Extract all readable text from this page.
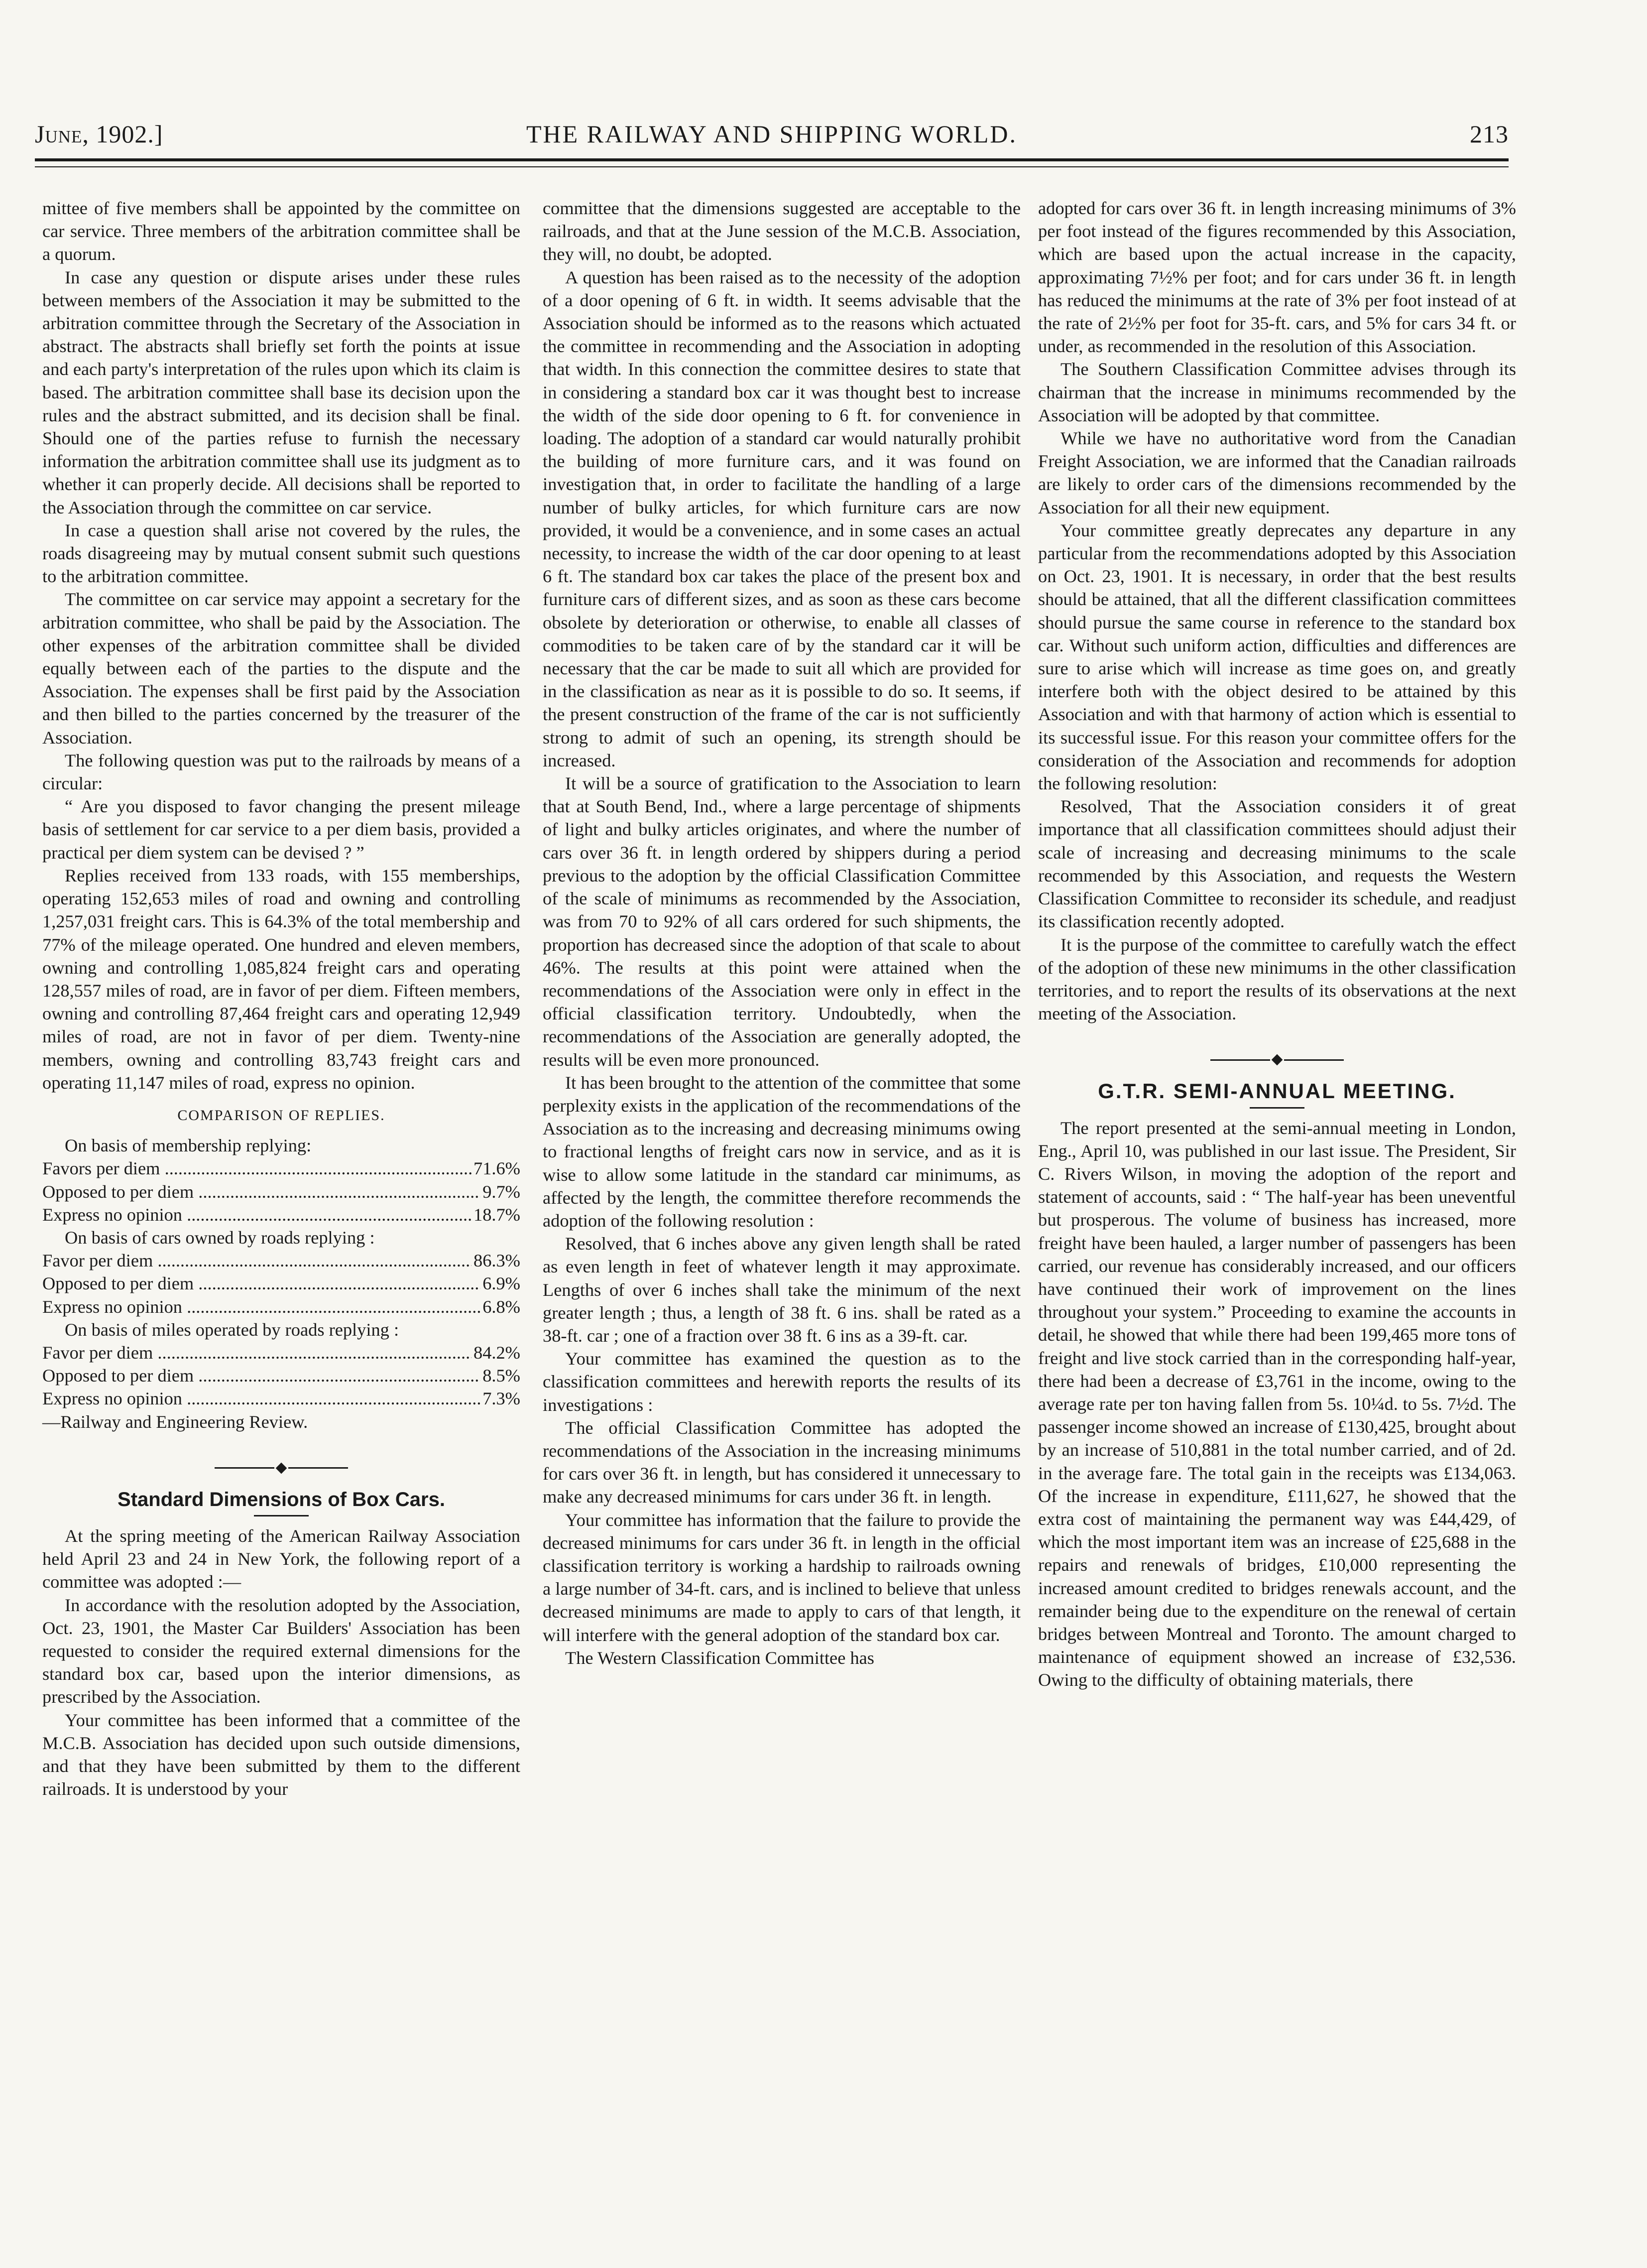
June, 1902.]	THE RAILWAY AND SHIPPING WORLD.	213

mittee of five members shall be appointed by the committee on car service. Three members of the arbitration committee shall be a quorum.

In case any question or dispute arises under these rules between members of the Association it may be submitted to the arbitration committee through the Secretary of the Association in abstract. The abstracts shall briefly set forth the points at issue and each party's interpretation of the rules upon which its claim is based. The arbitration committee shall base its decision upon the rules and the abstract submitted, and its decision shall be final. Should one of the parties refuse to furnish the necessary information the arbitration committee shall use its judgment as to whether it can properly decide. All decisions shall be reported to the Association through the committee on car service.

In case a question shall arise not covered by the rules, the roads disagreeing may by mutual consent submit such questions to the arbitration committee.

The committee on car service may appoint a secretary for the arbitration committee, who shall be paid by the Association. The other expenses of the arbitration committee shall be divided equally between each of the parties to the dispute and the Association. The expenses shall be first paid by the Association and then billed to the parties concerned by the treasurer of the Association.

The following question was put to the railroads by means of a circular:

“ Are you disposed to favor changing the present mileage basis of settlement for car service to a per diem basis, provided a practical per diem system can be devised ? ”

Replies received from 133 roads, with 155 memberships, operating 152,653 miles of road and owning and controlling 1,257,031 freight cars. This is 64.3% of the total membership and 77% of the mileage operated. One hundred and eleven members, owning and controlling 1,085,824 freight cars and operating 128,557 miles of road, are in favor of per diem. Fifteen members, owning and controlling 87,464 freight cars and operating 12,949 miles of road, are not in favor of per diem. Twenty-nine members, owning and controlling 83,743 freight cars and operating 11,147 miles of road, express no opinion.

COMPARISON OF REPLIES.
On basis of membership replying:
Favors per diem .....	71.6%
Opposed to per diem .....	9.7%
Express no opinion .....	18.7%
On basis of cars owned by roads replying :
Favor per diem .....	86.3%
Opposed to per diem .....	6.9%
Express no opinion .....	6.8%
On basis of miles operated by roads replying :
Favor per diem .....	84.2%
Opposed to per diem .....	8.5%
Express no opinion .....	7.3%
—Railway and Engineering Review.
Standard Dimensions of Box Cars.

At the spring meeting of the American Railway Association held April 23 and 24 in New York, the following report of a committee was adopted :—

In accordance with the resolution adopted by the Association, Oct. 23, 1901, the Master Car Builders' Association has been requested to consider the required external dimensions for the standard box car, based upon the interior dimensions, as prescribed by the Association.

Your committee has been informed that a committee of the M.C.B. Association has decided upon such outside dimensions, and that they have been submitted by them to the different railroads. It is understood by your

committee that the dimensions suggested are acceptable to the railroads, and that at the June session of the M.C.B. Association, they will, no doubt, be adopted.

A question has been raised as to the necessity of the adoption of a door opening of 6 ft. in width. It seems advisable that the Association should be informed as to the reasons which actuated the committee in recommending and the Association in adopting that width. In this connection the committee desires to state that in considering a standard box car it was thought best to increase the width of the side door opening to 6 ft. for convenience in loading. The adoption of a standard car would naturally prohibit the building of more furniture cars, and it was found on investigation that, in order to facilitate the handling of a large number of bulky articles, for which furniture cars are now provided, it would be a convenience, and in some cases an actual necessity, to increase the width of the car door opening to at least 6 ft. The standard box car takes the place of the present box and furniture cars of different sizes, and as soon as these cars become obsolete by deterioration or otherwise, to enable all classes of commodities to be taken care of by the standard car it will be necessary that the car be made to suit all which are provided for in the classification as near as it is possible to do so. It seems, if the present construction of the frame of the car is not sufficiently strong to admit of such an opening, its strength should be increased.

It will be a source of gratification to the Association to learn that at South Bend, Ind., where a large percentage of shipments of light and bulky articles originates, and where the number of cars over 36 ft. in length ordered by shippers during a period previous to the adoption by the official Classification Committee of the scale of minimums as recommended by the Association, was from 70 to 92% of all cars ordered for such shipments, the proportion has decreased since the adoption of that scale to about 46%. The results at this point were attained when the recommendations of the Association were only in effect in the official classification territory. Undoubtedly, when the recommendations of the Association are generally adopted, the results will be even more pronounced.

It has been brought to the attention of the committee that some perplexity exists in the application of the recommendations of the Association as to the increasing and decreasing minimums owing to fractional lengths of freight cars now in service, and as it is wise to allow some latitude in the standard car minimums, as affected by the length, the committee therefore recommends the adoption of the following resolution :

Resolved, that 6 inches above any given length shall be rated as even length in feet of whatever length it may approximate. Lengths of over 6 inches shall take the minimum of the next greater length ; thus, a length of 38 ft. 6 ins. shall be rated as a 38-ft. car ; one of a fraction over 38 ft. 6 ins as a 39-ft. car.

Your committee has examined the question as to the classification committees and herewith reports the results of its investigations :

The official Classification Committee has adopted the recommendations of the Association in the increasing minimums for cars over 36 ft. in length, but has considered it unnecessary to make any decreased minimums for cars under 36 ft. in length.

Your committee has information that the failure to provide the decreased minimums for cars under 36 ft. in length in the official classification territory is working a hardship to railroads owning a large number of 34-ft. cars, and is inclined to believe that unless decreased minimums are made to apply to cars of that length, it will interfere with the general adoption of the standard box car.

The Western Classification Committee has

adopted for cars over 36 ft. in length increasing minimums of 3% per foot instead of the figures recommended by this Association, which are based upon the actual increase in the capacity, approximating 7½% per foot; and for cars under 36 ft. in length has reduced the minimums at the rate of 3% per foot instead of at the rate of 2½% per foot for 35-ft. cars, and 5% for cars 34 ft. or under, as recommended in the resolution of this Association.

The Southern Classification Committee advises through its chairman that the increase in minimums recommended by the Association will be adopted by that committee.

While we have no authoritative word from the Canadian Freight Association, we are informed that the Canadian railroads are likely to order cars of the dimensions recommended by the Association for all their new equipment.

Your committee greatly deprecates any departure in any particular from the recommendations adopted by this Association on Oct. 23, 1901. It is necessary, in order that the best results should be attained, that all the different classification committees should pursue the same course in reference to the standard box car. Without such uniform action, difficulties and differences are sure to arise which will increase as time goes on, and greatly interfere both with the object desired to be attained by this Association and with that harmony of action which is essential to its successful issue. For this reason your committee offers for the consideration of the Association and recommends for adoption the following resolution:

Resolved, That the Association considers it of great importance that all classification committees should adjust their scale of increasing and decreasing minimums to the scale recommended by this Association, and requests the Western Classification Committee to reconsider its schedule, and readjust its classification recently adopted.

It is the purpose of the committee to carefully watch the effect of the adoption of these new minimums in the other classification territories, and to report the results of its observations at the next meeting of the Association.

G.T.R. SEMI-ANNUAL MEETING.

The report presented at the semi-annual meeting in London, Eng., April 10, was published in our last issue. The President, Sir C. Rivers Wilson, in moving the adoption of the report and statement of accounts, said : “ The half-year has been uneventful but prosperous. The volume of business has increased, more freight have been hauled, a larger number of passengers has been carried, our revenue has considerably increased, and our officers have continued their work of improvement on the lines throughout your system.” Proceeding to examine the accounts in detail, he showed that while there had been 199,465 more tons of freight and live stock carried than in the corresponding half-year, there had been a decrease of £3,761 in the income, owing to the average rate per ton having fallen from 5s. 10¼d. to 5s. 7½d. The passenger income showed an increase of £130,425, brought about by an increase of 510,881 in the total number carried, and of 2d. in the average fare. The total gain in the receipts was £134,063. Of the increase in expenditure, £111,627, he showed that the extra cost of maintaining the permanent way was £44,429, of which the most important item was an increase of £25,688 in the repairs and renewals of bridges, £10,000 representing the increased amount credited to bridges renewals account, and the remainder being due to the expenditure on the renewal of certain bridges between Montreal and Toronto. The amount charged to maintenance of equipment showed an increase of £32,536. Owing to the difficulty of obtaining materials, there
